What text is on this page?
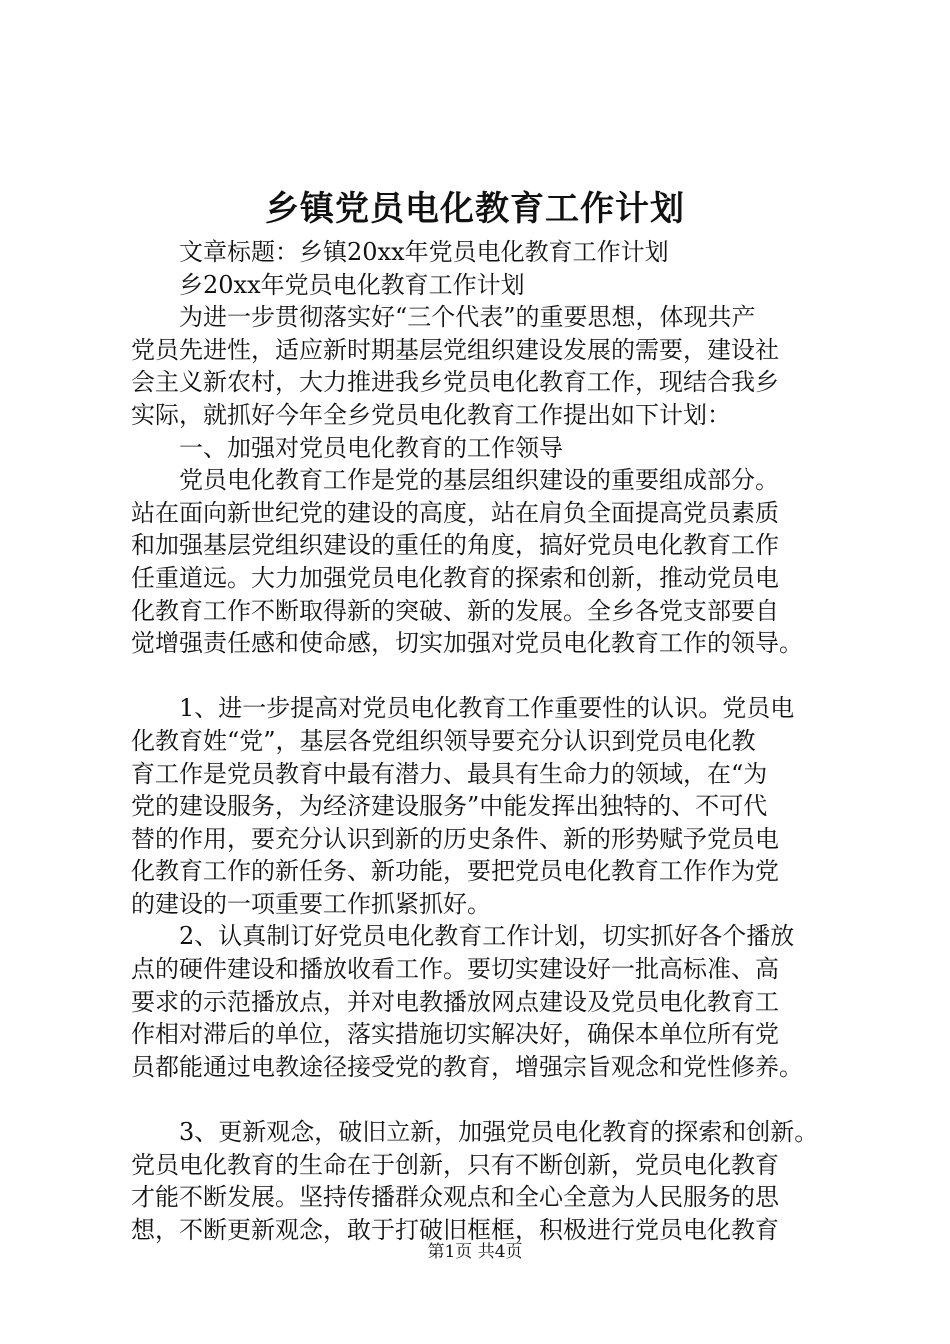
乡镇党员电化教育工作计划
文章标题：乡镇20xx年党员电化教育工作计划
乡20xx年党员电化教育工作计划
为进一步贯彻落实好“三个代表”的重要思想，体现共产
党员先进性，适应新时期基层党组织建设发展的需要，建设社
会主义新农村，大力推进我乡党员电化教育工作，现结合我乡
实际，就抓好今年全乡党员电化教育工作提出如下计划：
一、加强对党员电化教育的工作领导
党员电化教育工作是党的基层组织建设的重要组成部分。
站在面向新世纪党的建设的高度，站在肩负全面提高党员素质
和加强基层党组织建设的重任的角度，搞好党员电化教育工作
任重道远。大力加强党员电化教育的探索和创新，推动党员电
化教育工作不断取得新的突破、新的发展。全乡各党支部要自
觉增强责任感和使命感，切实加强对党员电化教育工作的领导。
1、进一步提高对党员电化教育工作重要性的认识。党员电
化教育姓“党”，基层各党组织领导要充分认识到党员电化教
育工作是党员教育中最有潜力、最具有生命力的领域，在“为
党的建设服务，为经济建设服务”中能发挥出独特的、不可代
替的作用，要充分认识到新的历史条件、新的形势赋予党员电
化教育工作的新任务、新功能，要把党员电化教育工作作为党
的建设的一项重要工作抓紧抓好。
2、认真制订好党员电化教育工作计划，切实抓好各个播放
点的硬件建设和播放收看工作。要切实建设好一批高标准、高
要求的示范播放点，并对电教播放网点建设及党员电化教育工
作相对滞后的单位，落实措施切实解决好，确保本单位所有党
员都能通过电教途径接受党的教育，增强宗旨观念和党性修养。
3、更新观念，破旧立新，加强党员电化教育的探索和创新。
党员电化教育的生命在于创新，只有不断创新，党员电化教育
才能不断发展。坚持传播群众观点和全心全意为人民服务的思
想，不断更新观念，敢于打破旧框框，积极进行党员电化教育
第1页 共4页
